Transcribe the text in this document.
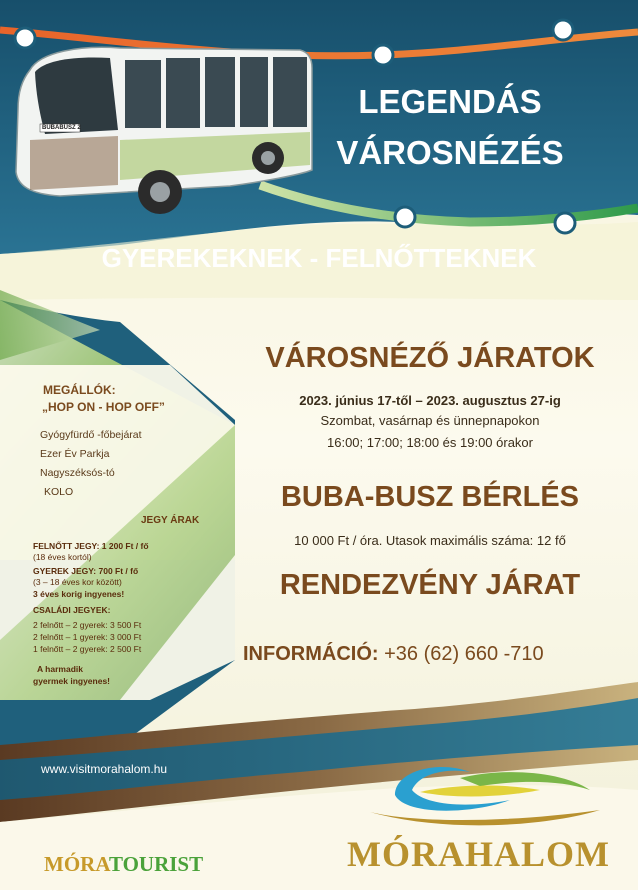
LEGENDÁS

VÁROSNÉZÉS

GYEREKEKNEK - FELNŐTTEKNEK

BUBABUSZ 2

MEGÁLLÓK:

„HOP ON - HOP OFF”

Gyógyfürdő -főbejárat

Ezer Év Parkja

Nagyszéksós-tó

KOLO

JEGY ÁRAK

FELNŐTT JEGY: 1 200 Ft / fő

(18 éves kortól)

GYEREK JEGY: 700 Ft / fő

(3 – 18 éves kor között)

3 éves korig ingyenes!

CSALÁDI JEGYEK:

2 felnőtt – 2 gyerek: 3 500 Ft

2 felnőtt – 1 gyerek: 3 000 Ft

1 felnőtt – 2 gyerek: 2 500 Ft

A harmadik

gyermek ingyenes!

VÁROSNÉZŐ JÁRATOK

2023. június 17-től – 2023. augusztus 27-ig

Szombat, vasárnap és ünnepnapokon

16:00; 17:00; 18:00 és 19:00 órakor

BUBA-BUSZ BÉRLÉS

10 000 Ft / óra. Utasok maximális száma: 12 fő

RENDEZVÉNY JÁRAT

INFORMÁCIÓ: +36 (62) 660 -710

www.visitmorahalom.hu

MÓRATOURIST	MÓRAHALOM
